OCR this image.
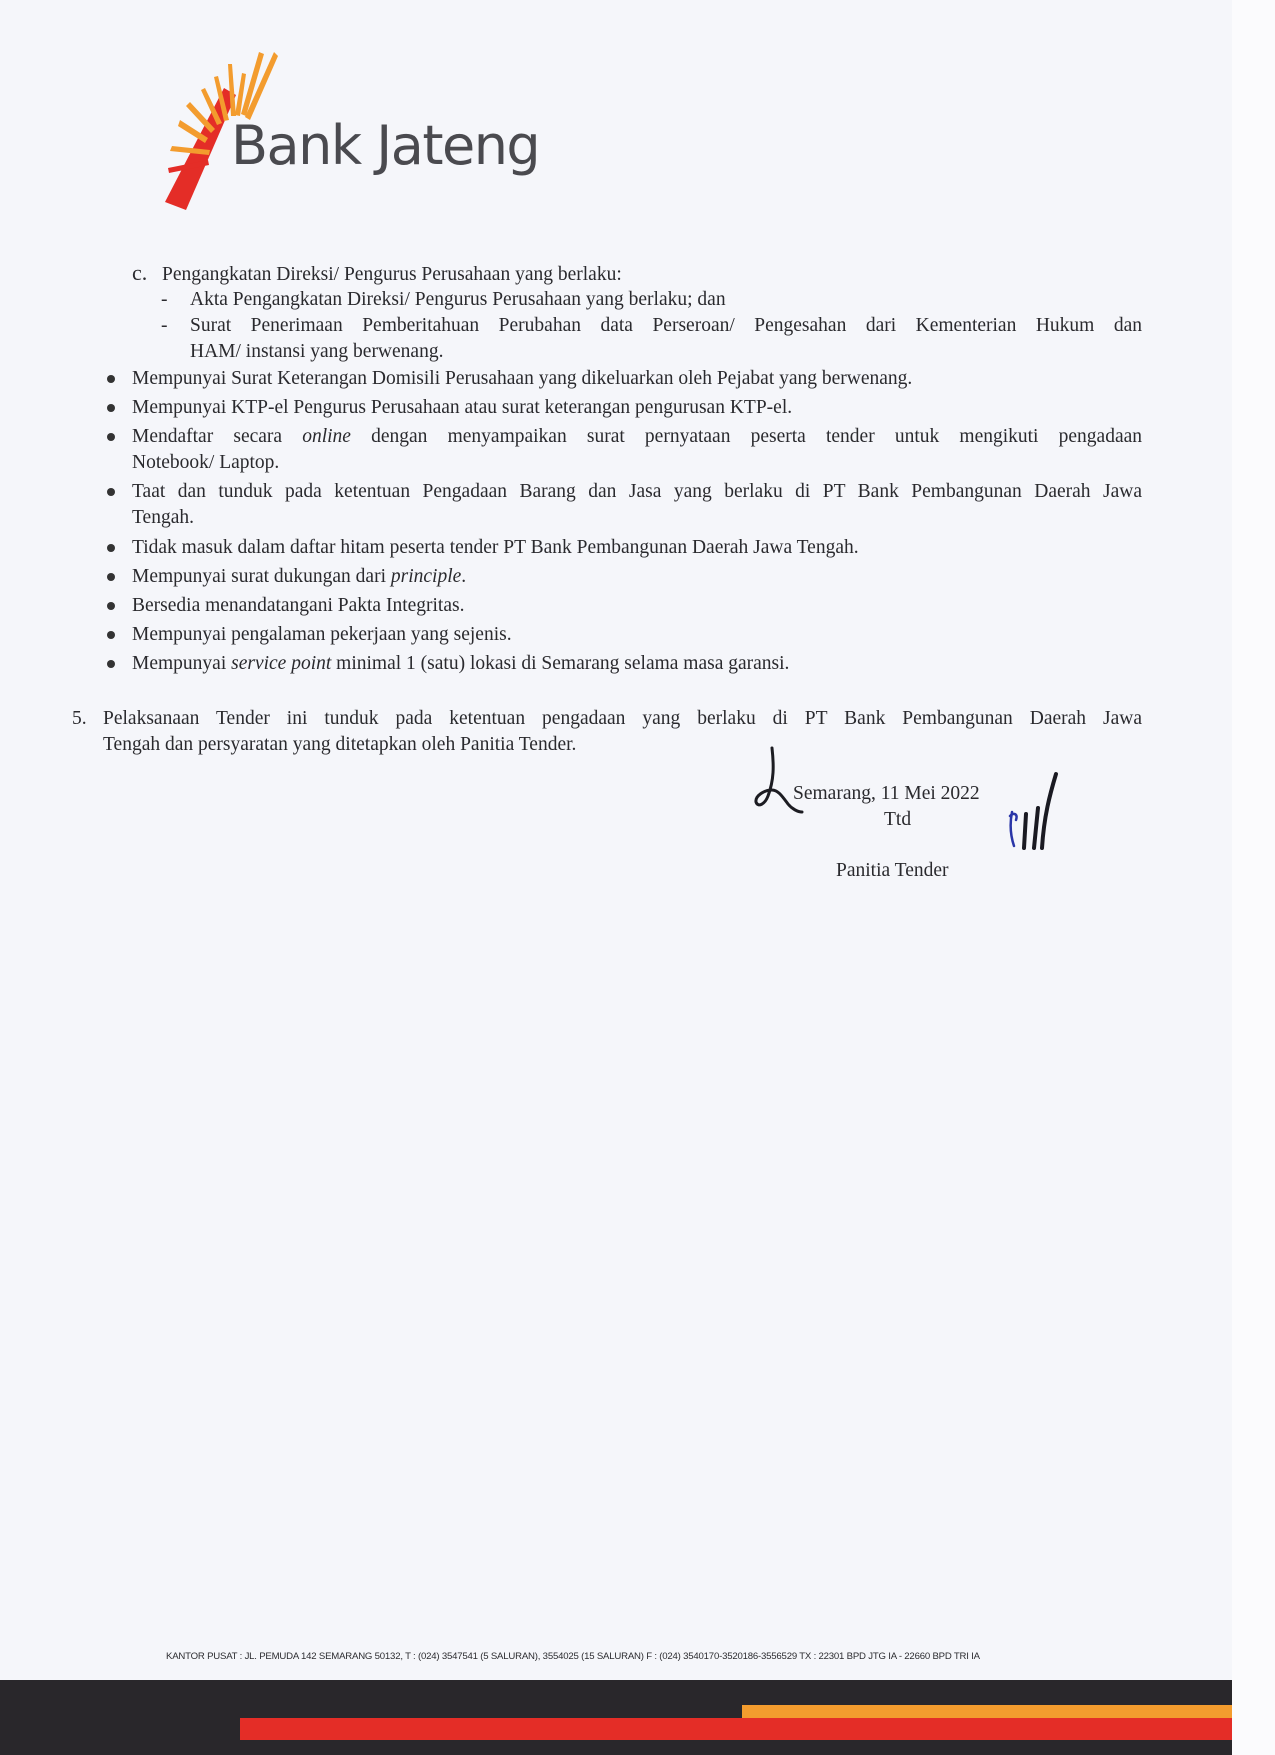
Bank Jateng
c. Pengangkatan Direksi/ Pengurus Perusahaan yang berlaku:
-	Akta Pengangkatan Direksi/ Pengurus Perusahaan yang berlaku; dan
-	Surat Penerimaan Pemberitahuan Perubahan data Perseroan/ Pengesahan dari Kementerian Hukum dan
HAM/ instansi yang berwenang.
Mempunyai Surat Keterangan Domisili Perusahaan yang dikeluarkan oleh Pejabat yang berwenang.
Mempunyai KTP-el Pengurus Perusahaan atau surat keterangan pengurusan KTP-el.
Mendaftar secara online dengan menyampaikan surat pernyataan peserta tender untuk mengikuti pengadaan
Notebook/ Laptop.
Taat dan tunduk pada ketentuan Pengadaan Barang dan Jasa yang berlaku di PT Bank Pembangunan Daerah Jawa
Tengah.
Tidak masuk dalam daftar hitam peserta tender PT Bank Pembangunan Daerah Jawa Tengah.
Mempunyai surat dukungan dari principle.
Bersedia menandatangani Pakta Integritas.
Mempunyai pengalaman pekerjaan yang sejenis.
Mempunyai service point minimal 1 (satu) lokasi di Semarang selama masa garansi.
5. Pelaksanaan Tender ini tunduk pada ketentuan pengadaan yang berlaku di PT Bank Pembangunan Daerah Jawa
Tengah dan persyaratan yang ditetapkan oleh Panitia Tender.
Semarang, 11 Mei 2022
Ttd
Panitia Tender
KANTOR PUSAT : JL. PEMUDA 142 SEMARANG 50132, T : (024) 3547541 (5 SALURAN), 3554025 (15 SALURAN) F : (024) 3540170-3520186-3556529 TX : 22301 BPD JTG IA - 22660 BPD TRI IA
